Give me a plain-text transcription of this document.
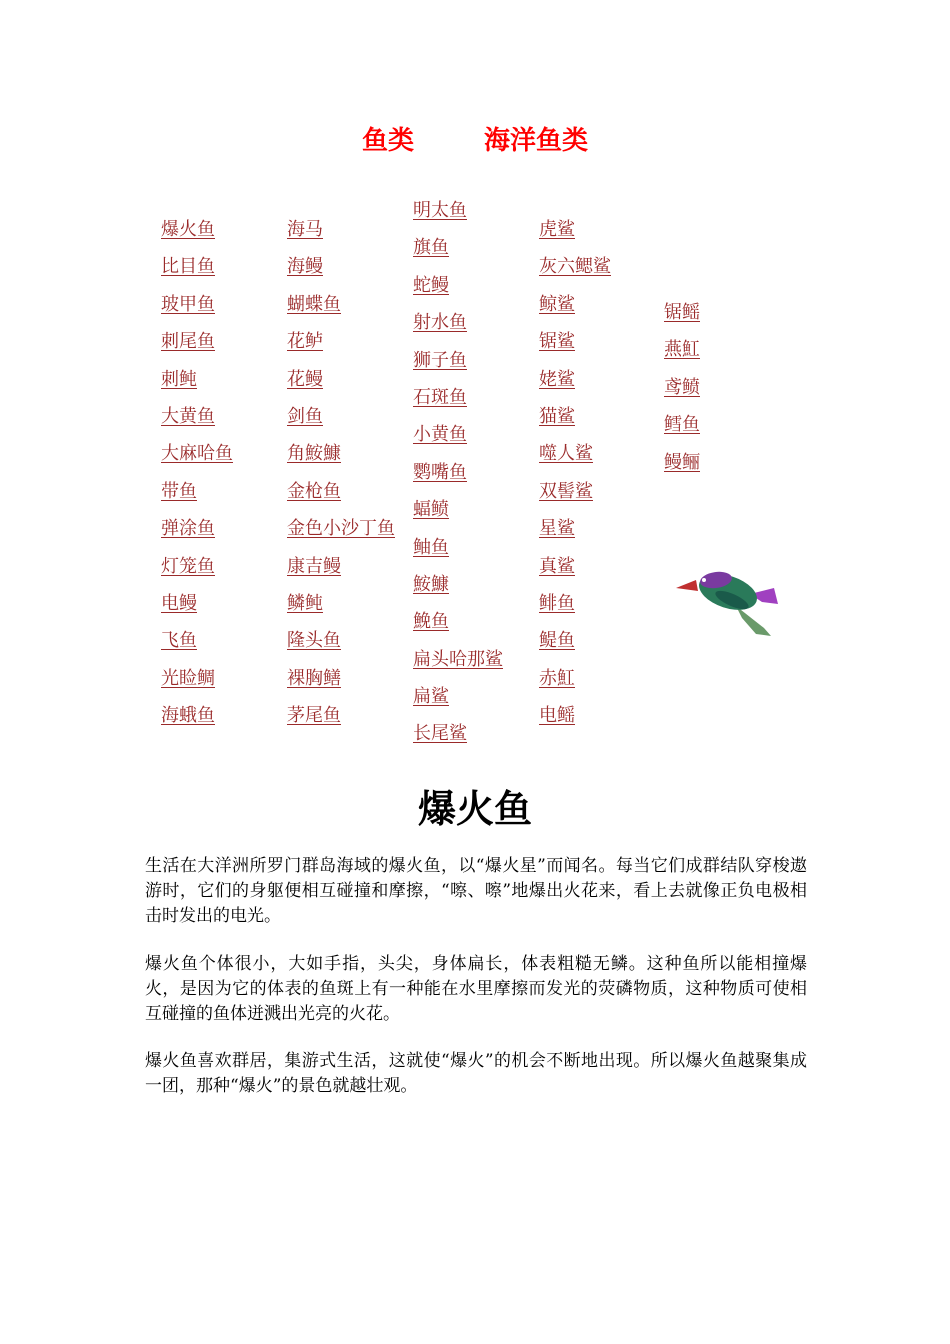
鱼类	海洋鱼类
爆火鱼
比目鱼
玻甲鱼
刺尾鱼
刺鲀
大黄鱼
大麻哈鱼
带鱼
弹涂鱼
灯笼鱼
电鳗
飞鱼
光睑鲷
海蛾鱼
海马
海鳗
蝴蝶鱼
花鲈
花鳗
剑鱼
角鮟鱇
金枪鱼
金色小沙丁鱼
康吉鳗
鳞鲀
隆头鱼
裸胸鳝
茅尾鱼
明太鱼
旗鱼
蛇鳗
射水鱼
狮子鱼
石斑鱼
小黄鱼
鹦嘴鱼
蝠鲼
鲉鱼
鮟鱇
鮸鱼
扁头哈那鲨
扁鲨
长尾鲨
虎鲨
灰六鳃鲨
鲸鲨
锯鲨
姥鲨
猫鲨
噬人鲨
双髻鲨
星鲨
真鲨
鲱鱼
鳀鱼
赤魟
电鳐
锯鳐
燕魟
鸢鲼
鳕鱼
鳗鲡
爆火鱼

生活在大洋洲所罗门群岛海域的爆火鱼，以“爆火星”而闻名。每当它们成群结队穿梭遨游时，它们的身躯便相互碰撞和摩擦，“嚓、嚓”地爆出火花来，看上去就像正负电极相击时发出的电光。

爆火鱼个体很小，大如手指，头尖，身体扁长，体表粗糙无鳞。这种鱼所以能相撞爆火，是因为它的体表的鱼斑上有一种能在水里摩擦而发光的荧磷物质，这种物质可使相互碰撞的鱼体迸溅出光亮的火花。

爆火鱼喜欢群居，集游式生活，这就使“爆火”的机会不断地出现。所以爆火鱼越聚集成一团，那种“爆火”的景色就越壮观。
